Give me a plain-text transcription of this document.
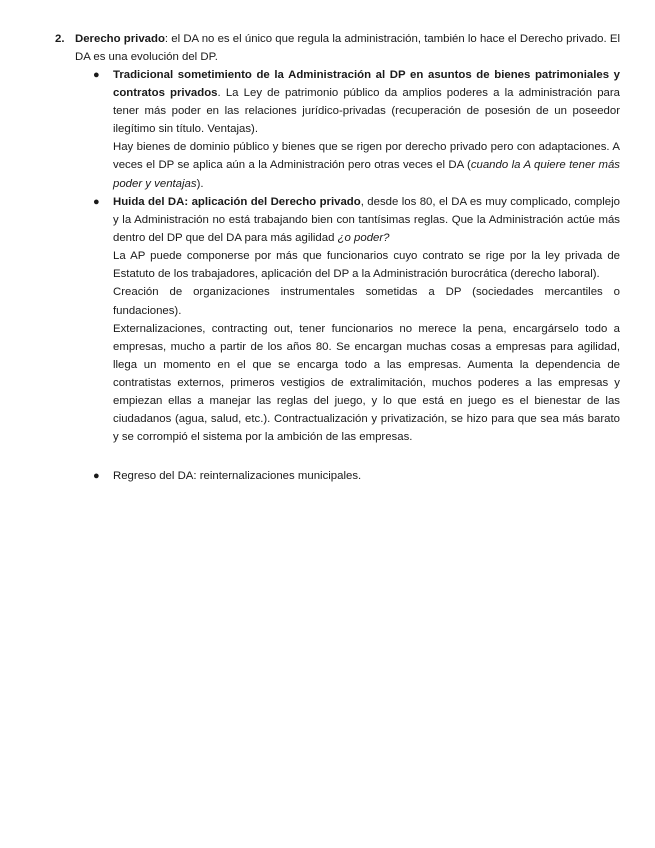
2. Derecho privado: el DA no es el único que regula la administración, también lo hace el Derecho privado. El DA es una evolución del DP.
● Tradicional sometimiento de la Administración al DP en asuntos de bienes patrimoniales y contratos privados. La Ley de patrimonio público da amplios poderes a la administración para tener más poder en las relaciones jurídico-privadas (recuperación de posesión de un poseedor ilegítimo sin título. Ventajas).

Hay bienes de dominio público y bienes que se rigen por derecho privado pero con adaptaciones. A veces el DP se aplica aún a la Administración pero otras veces el DA (cuando la A quiere tener más poder y ventajas).

● Huida del DA: aplicación del Derecho privado, desde los 80, el DA es muy complicado, complejo y la Administración no está trabajando bien con tantísimas reglas. Que la Administración actúe más dentro del DP que del DA para más agilidad ¿o poder?

La AP puede componerse por más que funcionarios cuyo contrato se rige por la ley privada de Estatuto de los trabajadores, aplicación del DP a la Administración burocrática (derecho laboral).

Creación de organizaciones instrumentales sometidas a DP (sociedades mercantiles o fundaciones).

Externalizaciones, contracting out, tener funcionarios no merece la pena, encargárselo todo a empresas, mucho a partir de los años 80. Se encargan muchas cosas a empresas para agilidad, llega un momento en el que se encarga todo a las empresas. Aumenta la dependencia de contratistas externos, primeros vestigios de extralimitación, muchos poderes a las empresas y empiezan ellas a manejar las reglas del juego, y lo que está en juego es el bienestar de las ciudadanos (agua, salud, etc.). Contractualización y privatización, se hizo para que sea más barato y se corrompió el sistema por la ambición de las empresas.

● Regreso del DA: reinternalizaciones municipales.
